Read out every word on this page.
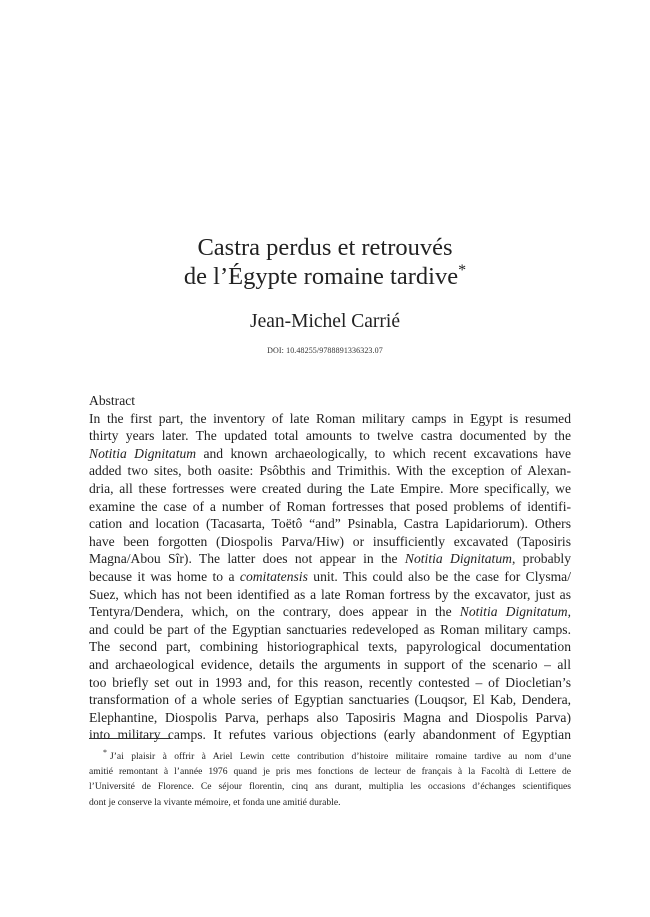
Castra perdus et retrouvés
de l’Égypte romaine tardive*
Jean-Michel Carrié
DOI: 10.48255/9788891336323.07
Abstract
In the first part, the inventory of late Roman military camps in Egypt is resumed
thirty years later. The updated total amounts to twelve castra documented by the
Notitia Dignitatum and known archaeologically, to which recent excavations have
added two sites, both oasite: Psôbthis and Trimithis. With the exception of Alexan-
dria, all these fortresses were created during the Late Empire. More specifically, we
examine the case of a number of Roman fortresses that posed problems of identifi-
cation and location (Tacasarta, Toëtô “and” Psinabla, Castra Lapidariorum). Others
have been forgotten (Diospolis Parva/Hiw) or insufficiently excavated (Taposiris
Magna/Abou Sîr). The latter does not appear in the Notitia Dignitatum, probably
because it was home to a comitatensis unit. This could also be the case for Clysma/
Suez, which has not been identified as a late Roman fortress by the excavator, just as
Tentyra/Dendera, which, on the contrary, does appear in the Notitia Dignitatum,
and could be part of the Egyptian sanctuaries redeveloped as Roman military camps.
The second part, combining historiographical texts, papyrological documentation
and archaeological evidence, details the arguments in support of the scenario – all
too briefly set out in 1993 and, for this reason, recently contested – of Diocletian’s
transformation of a whole series of Egyptian sanctuaries (Louqsor, El Kab, Dendera,
Elephantine, Diospolis Parva, perhaps also Taposiris Magna and Diospolis Parva)
into military camps. It refutes various objections (early abandonment of Egyptian
* J’ai plaisir à offrir à Ariel Lewin cette contribution d’histoire militaire romaine tardive au nom d’une
amitié remontant à l’année 1976 quand je pris mes fonctions de lecteur de français à la Facoltà di Lettere de
l’Université de Florence. Ce séjour florentin, cinq ans durant, multiplia les occasions d’échanges scientifiques
dont je conserve la vivante mémoire, et fonda une amitié durable.
